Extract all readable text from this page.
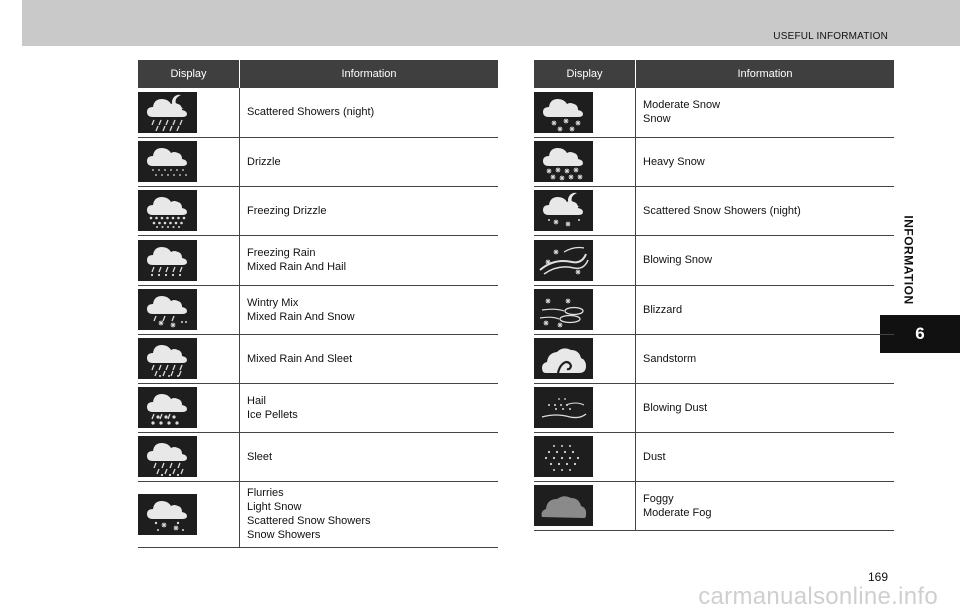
USEFUL INFORMATION
INFORMATION
6
Display	Information

Scattered Showers (night)

Drizzle

Freezing Drizzle

Freezing Rain
Mixed Rain And Hail

Wintry Mix
Mixed Rain And Snow

Mixed Rain And Sleet

Hail
Ice Pellets

Sleet

Flurries
Light Snow
Scattered Snow Showers
Snow Showers
Display	Information

Moderate Snow
Snow

Heavy Snow

Scattered Snow Showers (night)

Blowing Snow

Blizzard

Sandstorm

Blowing Dust

Dust

Foggy
Moderate Fog
169
carmanualsonline.info
